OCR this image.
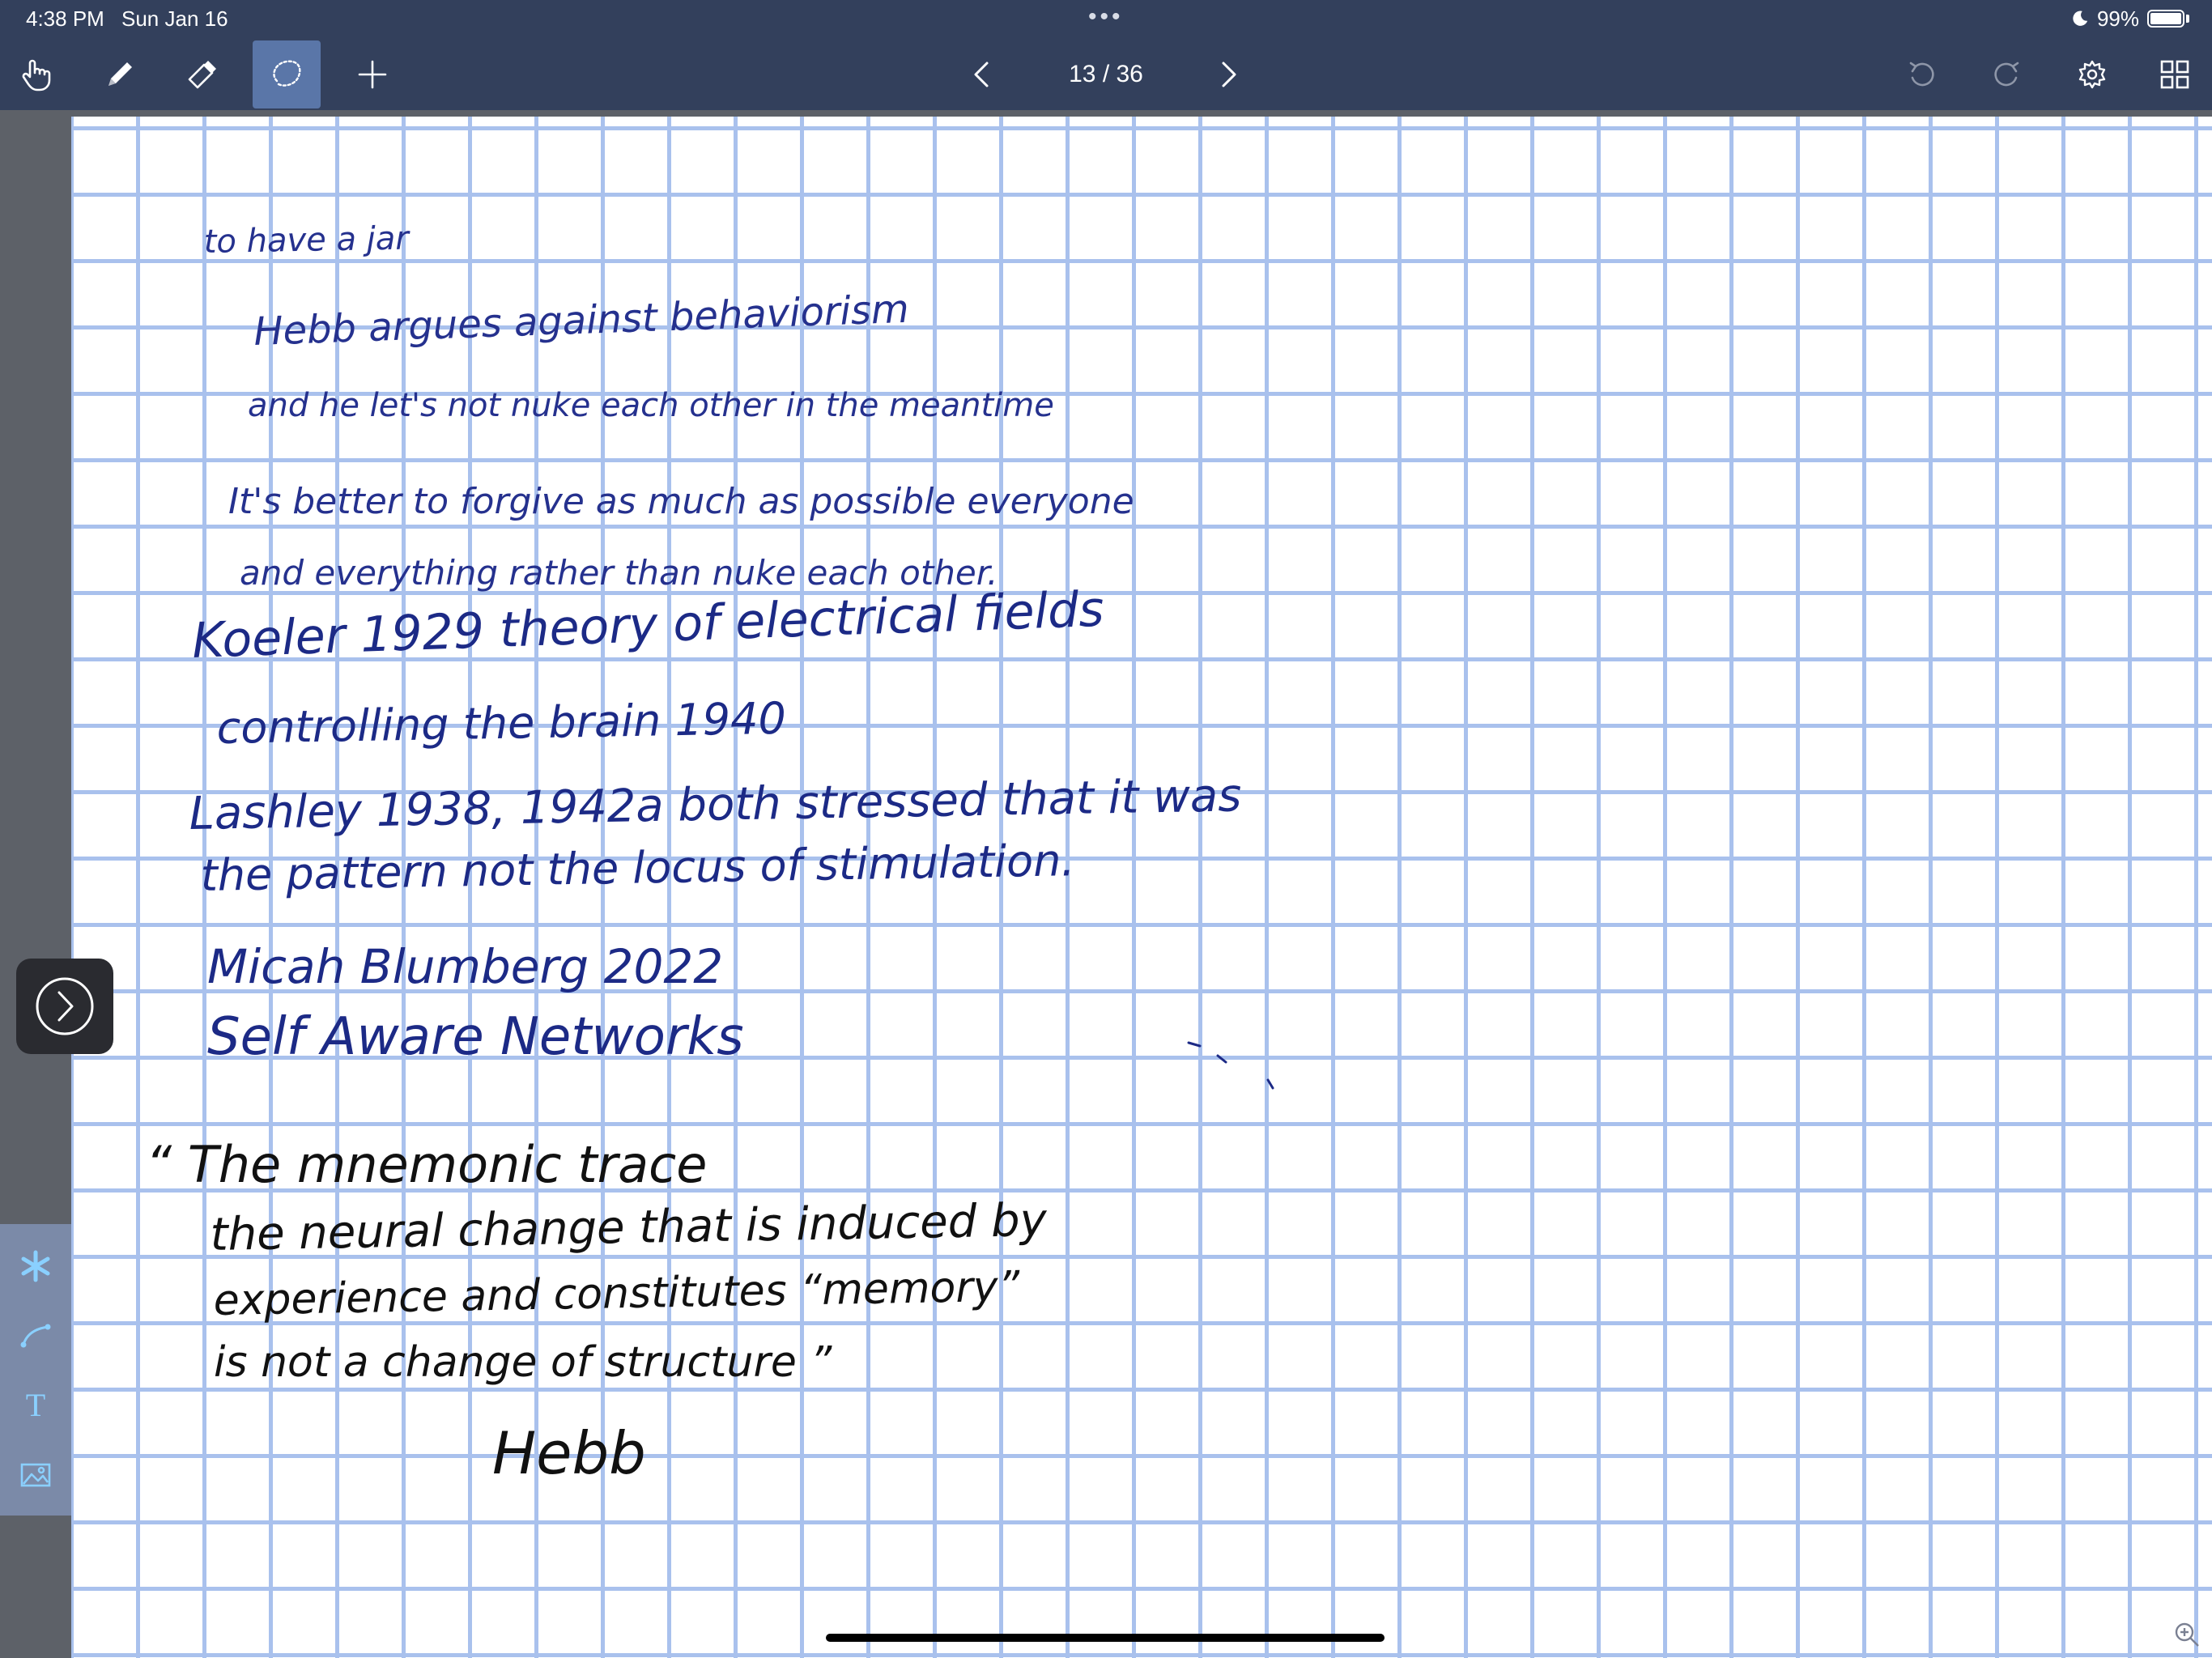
4:38 PM Sun Jan 16	•••	99%
13 / 36
to have a jar
Hebb argues against behaviorism
and he let's not nuke each other in the meantime
It's better to forgive as much as possible everyone
and everything rather than nuke each other.
Koeler 1929 theory of electrical fields
controlling the brain 1940
Lashley 1938, 1942a both stressed that it was
the pattern not the locus of stimulation.
Micah Blumberg 2022
Self Aware Networks
“ The mnemonic trace
the neural change that is induced by
experience and constitutes “memory”
is not a change of structure ”
Hebb
T
